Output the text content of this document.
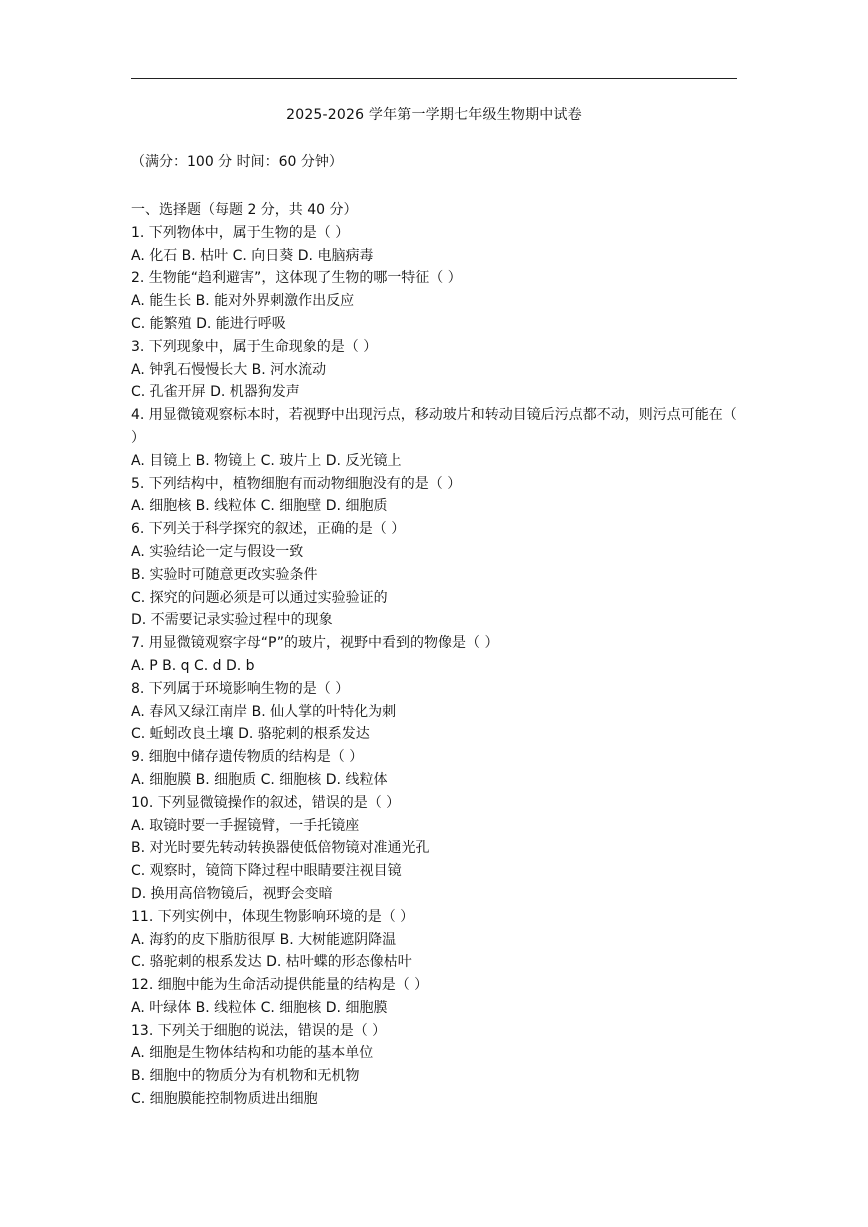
2025-2026 学年第一学期七年级生物期中试卷
（满分：100 分 时间：60 分钟）
一、选择题（每题 2 分，共 40 分）
1. 下列物体中，属于生物的是（ ）
A. 化石 B. 枯叶 C. 向日葵 D. 电脑病毒
2. 生物能“趋利避害”，这体现了生物的哪一特征（ ）
A. 能生长 B. 能对外界刺激作出反应
C. 能繁殖 D. 能进行呼吸
3. 下列现象中，属于生命现象的是（ ）
A. 钟乳石慢慢长大 B. 河水流动
C. 孔雀开屏 D. 机器狗发声
4. 用显微镜观察标本时，若视野中出现污点，移动玻片和转动目镜后污点都不动，则污点可能在（ ）
A. 目镜上 B. 物镜上 C. 玻片上 D. 反光镜上
5. 下列结构中，植物细胞有而动物细胞没有的是（ ）
A. 细胞核 B. 线粒体 C. 细胞壁 D. 细胞质
6. 下列关于科学探究的叙述，正确的是（ ）
A. 实验结论一定与假设一致
B. 实验时可随意更改实验条件
C. 探究的问题必须是可以通过实验验证的
D. 不需要记录实验过程中的现象
7. 用显微镜观察字母“P”的玻片，视野中看到的物像是（ ）
A. P B. q C. d D. b
8. 下列属于环境影响生物的是（ ）
A. 春风又绿江南岸 B. 仙人掌的叶特化为刺
C. 蚯蚓改良土壤 D. 骆驼刺的根系发达
9. 细胞中储存遗传物质的结构是（ ）
A. 细胞膜 B. 细胞质 C. 细胞核 D. 线粒体
10. 下列显微镜操作的叙述，错误的是（ ）
A. 取镜时要一手握镜臂，一手托镜座
B. 对光时要先转动转换器使低倍物镜对准通光孔
C. 观察时，镜筒下降过程中眼睛要注视目镜
D. 换用高倍物镜后，视野会变暗
11. 下列实例中，体现生物影响环境的是（ ）
A. 海豹的皮下脂肪很厚 B. 大树能遮阴降温
C. 骆驼刺的根系发达 D. 枯叶蝶的形态像枯叶
12. 细胞中能为生命活动提供能量的结构是（ ）
A. 叶绿体 B. 线粒体 C. 细胞核 D. 细胞膜
13. 下列关于细胞的说法，错误的是（ ）
A. 细胞是生物体结构和功能的基本单位
B. 细胞中的物质分为有机物和无机物
C. 细胞膜能控制物质进出细胞
